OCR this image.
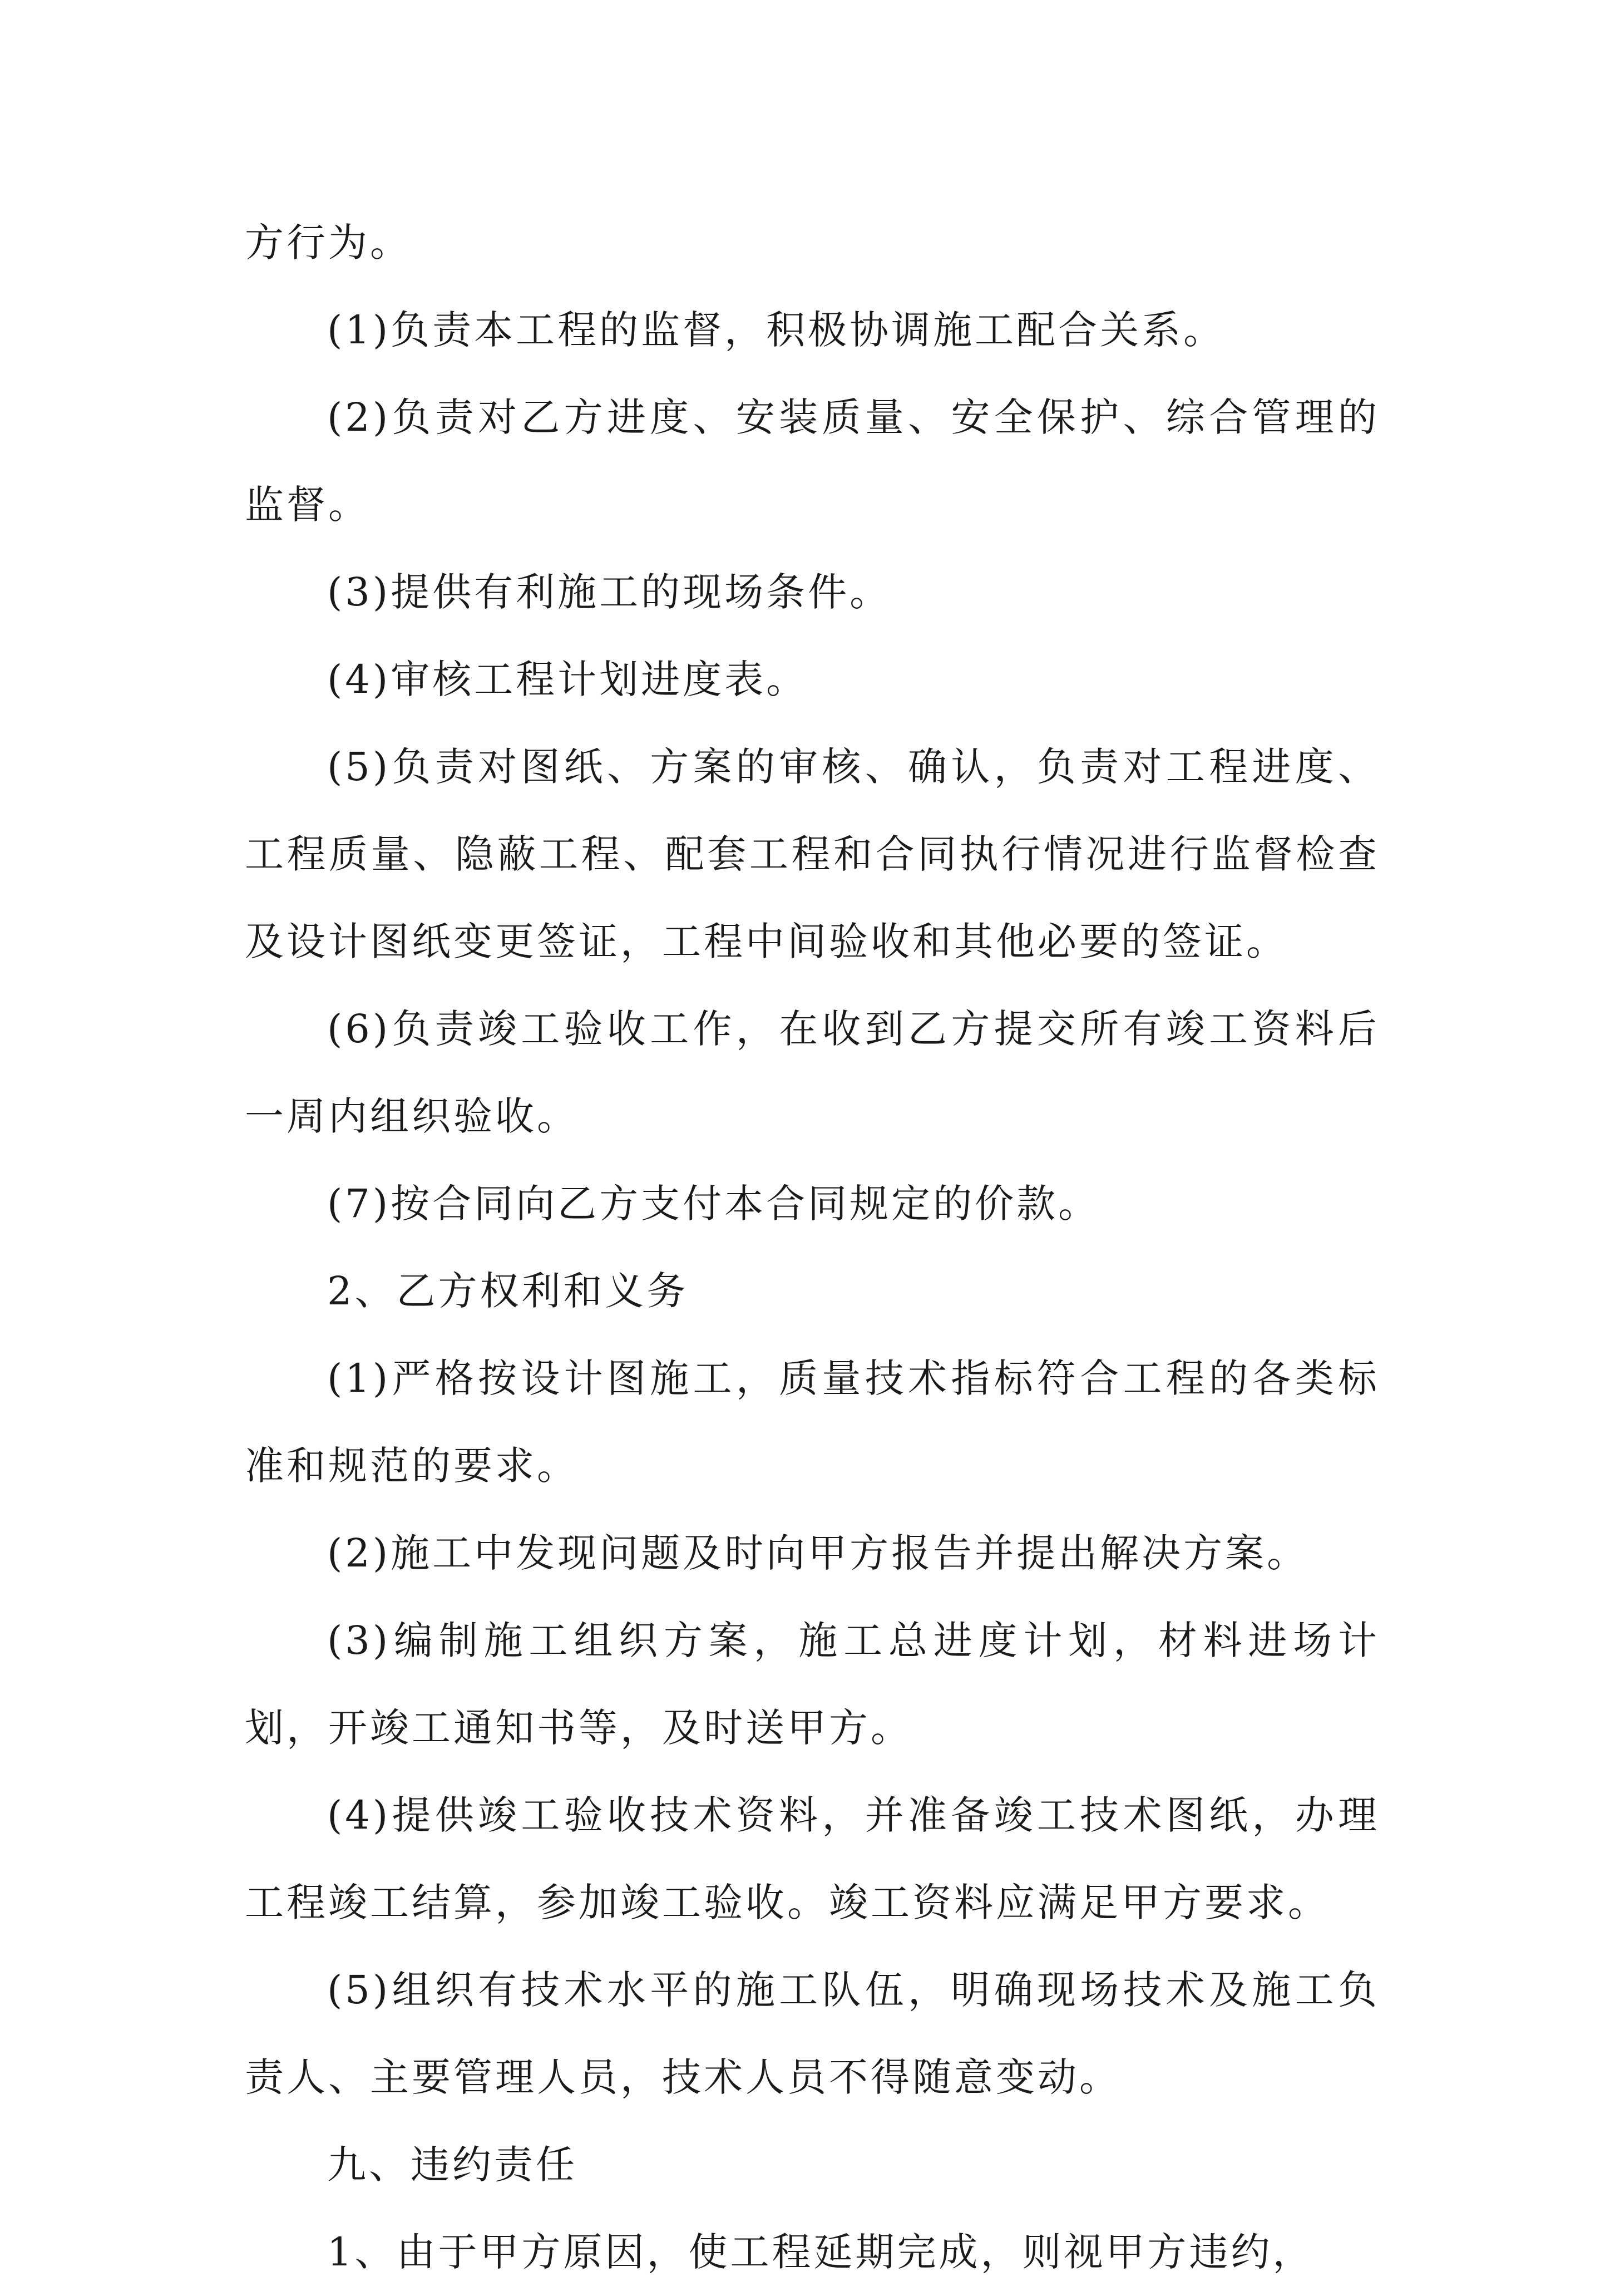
方行为。

(1)负责本工程的监督，积极协调施工配合关系。

(2)负责对乙方进度、安装质量、安全保护、综合管理的监督。

(3)提供有利施工的现场条件。

(4)审核工程计划进度表。

(5)负责对图纸、方案的审核、确认，负责对工程进度、工程质量、隐蔽工程、配套工程和合同执行情况进行监督检查及设计图纸变更签证，工程中间验收和其他必要的签证。

(6)负责竣工验收工作，在收到乙方提交所有竣工资料后一周内组织验收。

(7)按合同向乙方支付本合同规定的价款。

2、乙方权利和义务

(1)严格按设计图施工，质量技术指标符合工程的各类标准和规范的要求。

(2)施工中发现问题及时向甲方报告并提出解决方案。

(3)编制施工组织方案，施工总进度计划，材料进场计划，开竣工通知书等，及时送甲方。

(4)提供竣工验收技术资料，并准备竣工技术图纸，办理工程竣工结算，参加竣工验收。竣工资料应满足甲方要求。

(5)组织有技术水平的施工队伍，明确现场技术及施工负责人、主要管理人员，技术人员不得随意变动。

九、违约责任

1、由于甲方原因，使工程延期完成，则视甲方违约，
